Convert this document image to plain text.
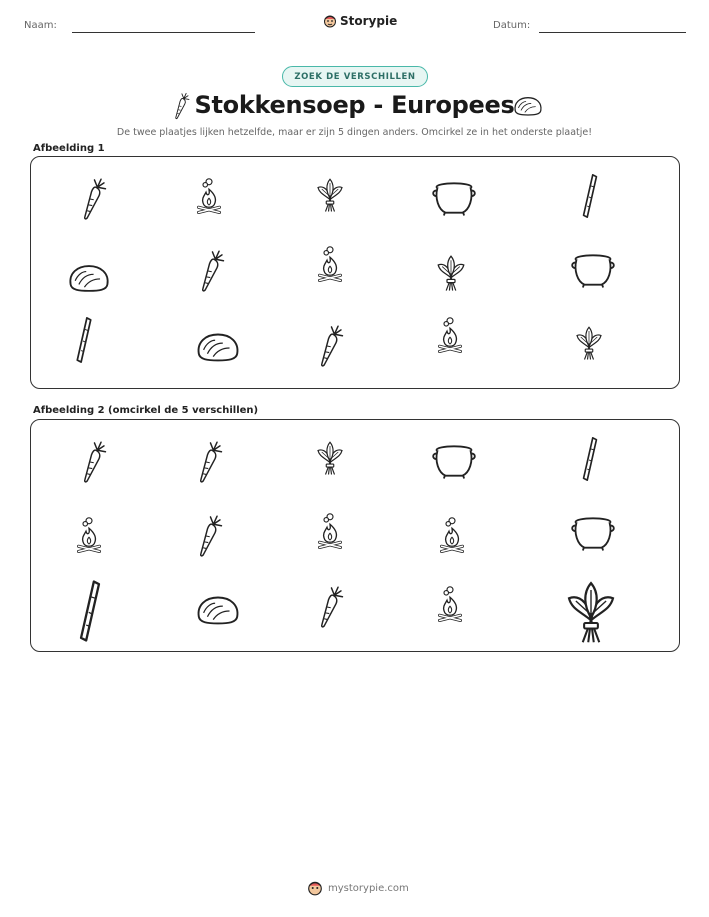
Naam:	Storypie	Datum:
ZOEK DE VERSCHILLEN
Stokkensoep - Europees
De twee plaatjes lijken hetzelfde, maar er zijn 5 dingen anders. Omcirkel ze in het onderste plaatje!
Afbeelding 1
Afbeelding 2 (omcirkel de 5 verschillen)
mystorypie.com
